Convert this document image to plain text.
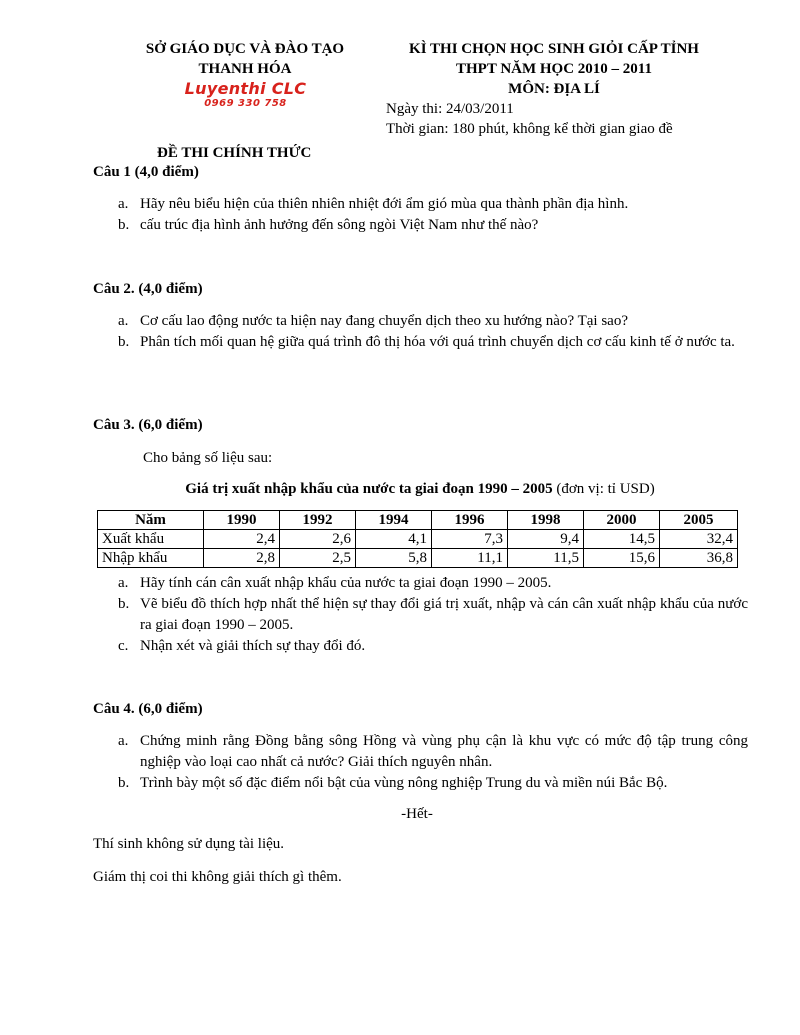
SỞ GIÁO DỤC VÀ ĐÀO TẠO
THANH HÓA
Luyenthi CLC
0969 330 758
ĐỀ THI CHÍNH THỨC
KÌ THI CHỌN HỌC SINH GIỎI CẤP TỈNH
THPT NĂM HỌC 2010 – 2011
MÔN: ĐỊA LÍ
Ngày thi: 24/03/2011
Thời gian: 180 phút, không kể thời gian giao đề
Câu 1 (4,0 điểm)
a. Hãy nêu biểu hiện của thiên nhiên nhiệt đới ẩm gió mùa qua thành phần địa hình.
b. cấu trúc địa hình ảnh hưởng đến sông ngòi Việt Nam như thế nào?
Câu 2. (4,0 điểm)
a. Cơ cấu lao động nước ta hiện nay đang chuyển dịch theo xu hướng nào? Tại sao?
b. Phân tích mối quan hệ giữa quá trình đô thị hóa với quá trình chuyển dịch cơ cấu kinh tế ở nước ta.
Câu 3. (6,0 điểm)
Cho bảng số liệu sau:
Giá trị xuất nhập khẩu của nước ta giai đoạn 1990 – 2005 (đơn vị: tỉ USD)
Năm	1990	1992	1994	1996	1998	2000	2005
Xuất khẩu	2,4	2,6	4,1	7,3	9,4	14,5	32,4
Nhập khẩu	2,8	2,5	5,8	11,1	11,5	15,6	36,8
a. Hãy tính cán cân xuất nhập khẩu của nước ta giai đoạn 1990 – 2005.
b. Vẽ biểu đồ thích hợp nhất thể hiện sự thay đổi giá trị xuất, nhập và cán cân xuất nhập khẩu của nước ra giai đoạn 1990 – 2005.
c. Nhận xét và giải thích sự thay đổi đó.
Câu 4. (6,0 điểm)
a. Chứng minh rằng Đồng bằng sông Hồng và vùng phụ cận là khu vực có mức độ tập trung công nghiệp vào loại cao nhất cả nước? Giải thích nguyên nhân.
b. Trình bày một số đặc điểm nổi bật của vùng nông nghiệp Trung du và miền núi Bắc Bộ.
-Hết-
Thí sinh không sử dụng tài liệu.
Giám thị coi thi không giải thích gì thêm.
